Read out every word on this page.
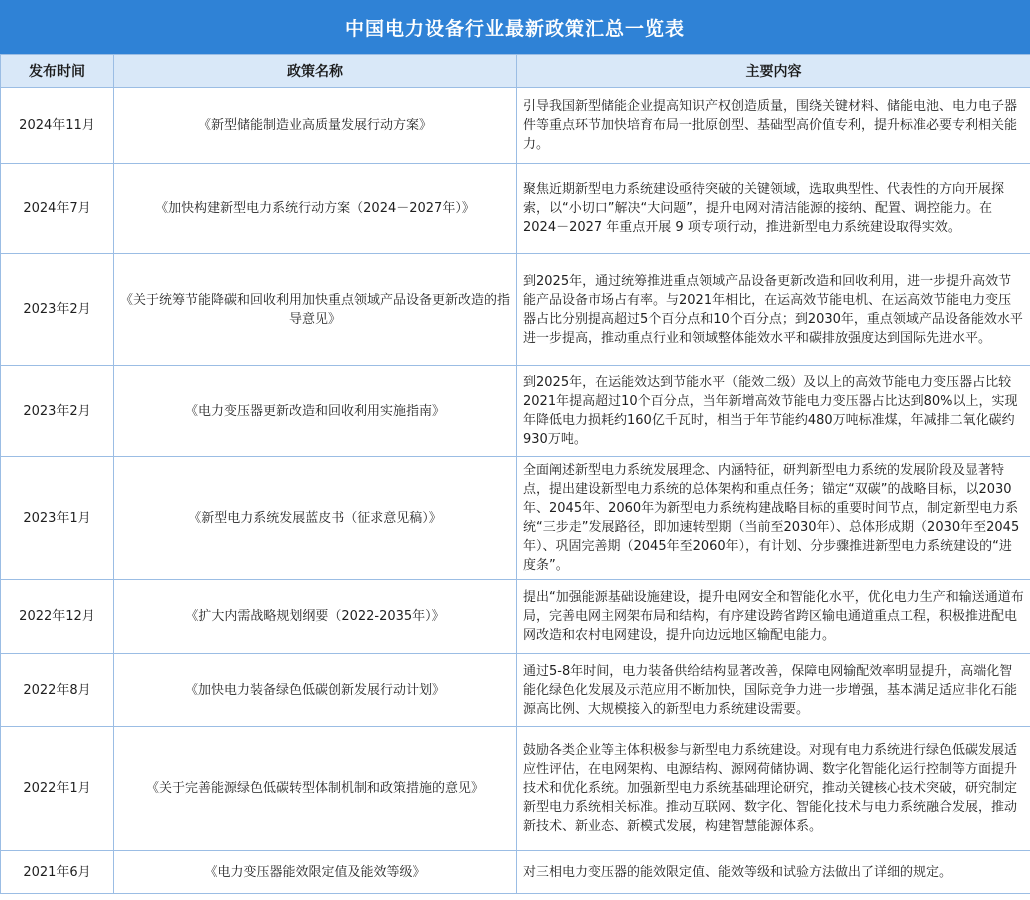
中国电力设备行业最新政策汇总一览表
发布时间	政策名称	主要内容
2024年11月	《新型储能制造业高质量发展行动方案》	引导我国新型储能企业提高知识产权创造质量，围绕关键材料、储能电池、电力电子器件等重点环节加快培育布局一批原创型、基础型高价值专利，提升标准必要专利相关能力。
2024年7月	《加快构建新型电力系统行动方案（2024－2027年）》	聚焦近期新型电力系统建设亟待突破的关键领域，选取典型性、代表性的方向开展探索，以“小切口”解决“大问题”，提升电网对清洁能源的接纳、配置、调控能力。在2024－2027 年重点开展 9 项专项行动，推进新型电力系统建设取得实效。
2023年2月	《关于统筹节能降碳和回收利用加快重点领域产品设备更新改造的指导意见》	到2025年，通过统筹推进重点领域产品设备更新改造和回收利用，进一步提升高效节能产品设备市场占有率。与2021年相比，在运高效节能电机、在运高效节能电力变压器占比分别提高超过5个百分点和10个百分点；到2030年，重点领域产品设备能效水平进一步提高，推动重点行业和领域整体能效水平和碳排放强度达到国际先进水平。
2023年2月	《电力变压器更新改造和回收利用实施指南》	到2025年，在运能效达到节能水平（能效二级）及以上的高效节能电力变压器占比较2021年提高超过10个百分点，当年新增高效节能电力变压器占比达到80%以上，实现年降低电力损耗约160亿千瓦时，相当于年节能约480万吨标准煤，年减排二氧化碳约930万吨。
2023年1月	《新型电力系统发展蓝皮书（征求意见稿）》	全面阐述新型电力系统发展理念、内涵特征，研判新型电力系统的发展阶段及显著特点，提出建设新型电力系统的总体架构和重点任务；锚定“双碳”的战略目标，以2030年、2045年、2060年为新型电力系统构建战略目标的重要时间节点，制定新型电力系统“三步走”发展路径，即加速转型期（当前至2030年）、总体形成期（2030年至2045年）、巩固完善期（2045年至2060年），有计划、分步骤推进新型电力系统建设的“进度条”。
2022年12月	《扩大内需战略规划纲要（2022-2035年）》	提出“加强能源基础设施建设，提升电网安全和智能化水平，优化电力生产和输送通道布局，完善电网主网架布局和结构，有序建设跨省跨区输电通道重点工程，积极推进配电网改造和农村电网建设，提升向边远地区输配电能力。
2022年8月	《加快电力装备绿色低碳创新发展行动计划》	通过5-8年时间，电力装备供给结构显著改善，保障电网输配效率明显提升，高端化智能化绿色化发展及示范应用不断加快，国际竞争力进一步增强，基本满足适应非化石能源高比例、大规模接入的新型电力系统建设需要。
2022年1月	《关于完善能源绿色低碳转型体制机制和政策措施的意见》	鼓励各类企业等主体积极参与新型电力系统建设。对现有电力系统进行绿色低碳发展适应性评估，在电网架构、电源结构、源网荷储协调、数字化智能化运行控制等方面提升技术和优化系统。加强新型电力系统基础理论研究，推动关键核心技术突破，研究制定新型电力系统相关标准。推动互联网、数字化、智能化技术与电力系统融合发展，推动新技术、新业态、新模式发展，构建智慧能源体系。
2021年6月	《电力变压器能效限定值及能效等级》	对三相电力变压器的能效限定值、能效等级和试验方法做出了详细的规定。
